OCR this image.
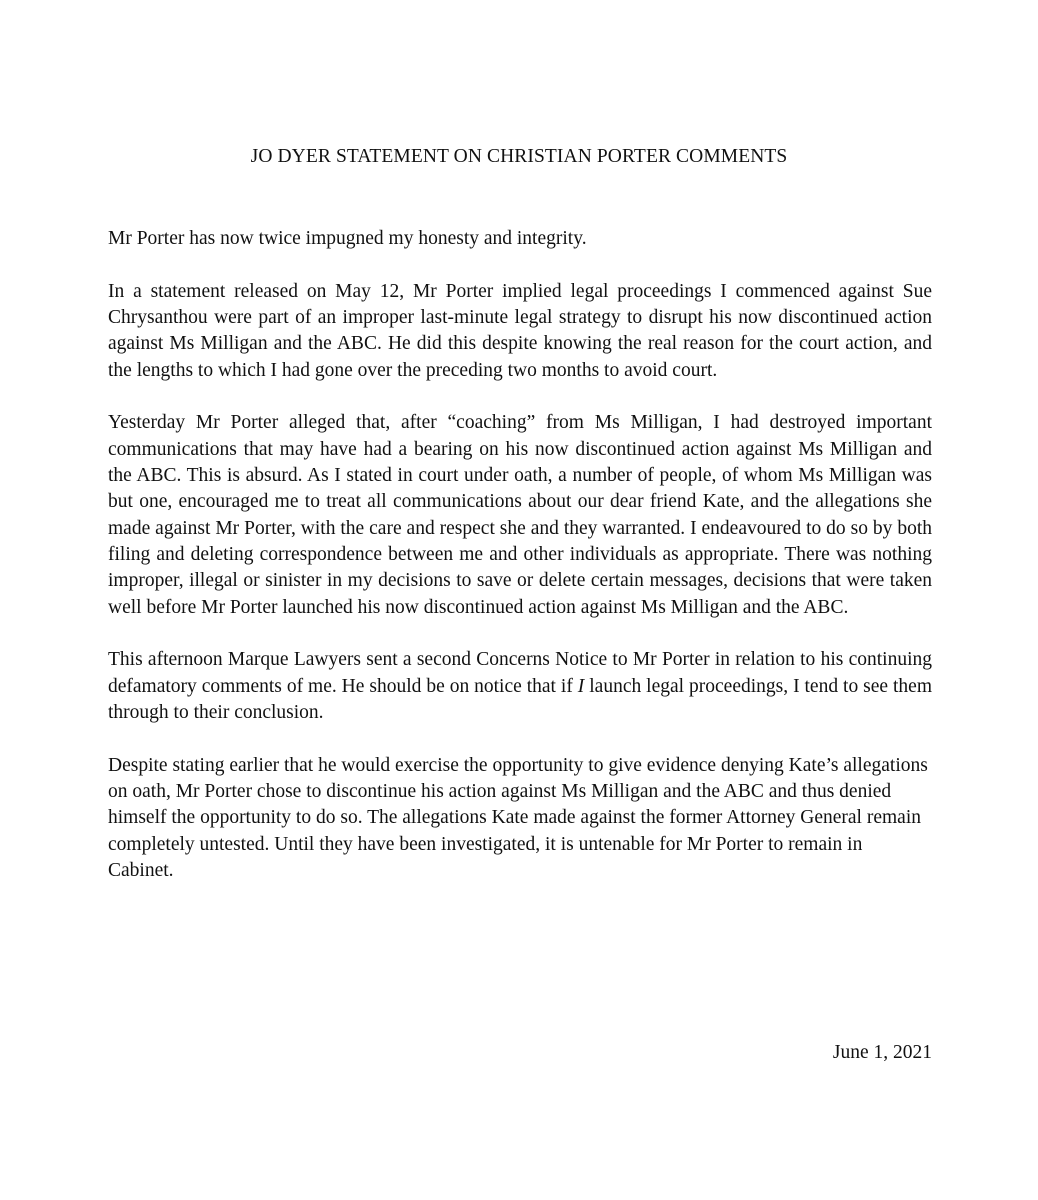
JO DYER STATEMENT ON CHRISTIAN PORTER COMMENTS

Mr Porter has now twice impugned my honesty and integrity.

In a statement released on May 12, Mr Porter implied legal proceedings I commenced against Sue Chrysanthou were part of an improper last-minute legal strategy to disrupt his now discontinued action against Ms Milligan and the ABC. He did this despite knowing the real reason for the court action, and the lengths to which I had gone over the preceding two months to avoid court.

Yesterday Mr Porter alleged that, after “coaching” from Ms Milligan, I had destroyed important communications that may have had a bearing on his now discontinued action against Ms Milligan and the ABC. This is absurd. As I stated in court under oath, a number of people, of whom Ms Milligan was but one, encouraged me to treat all communications about our dear friend Kate, and the allegations she made against Mr Porter, with the care and respect she and they warranted. I endeavoured to do so by both filing and deleting correspondence between me and other individuals as appropriate. There was nothing improper, illegal or sinister in my decisions to save or delete certain messages, decisions that were taken well before Mr Porter launched his now discontinued action against Ms Milligan and the ABC.

This afternoon Marque Lawyers sent a second Concerns Notice to Mr Porter in relation to his continuing defamatory comments of me. He should be on notice that if I launch legal proceedings, I tend to see them through to their conclusion.

Despite stating earlier that he would exercise the opportunity to give evidence denying Kate’s allegations on oath, Mr Porter chose to discontinue his action against Ms Milligan and the ABC and thus denied himself the opportunity to do so. The allegations Kate made against the former Attorney General remain completely untested. Until they have been investigated, it is untenable for Mr Porter to remain in Cabinet.

June 1, 2021
